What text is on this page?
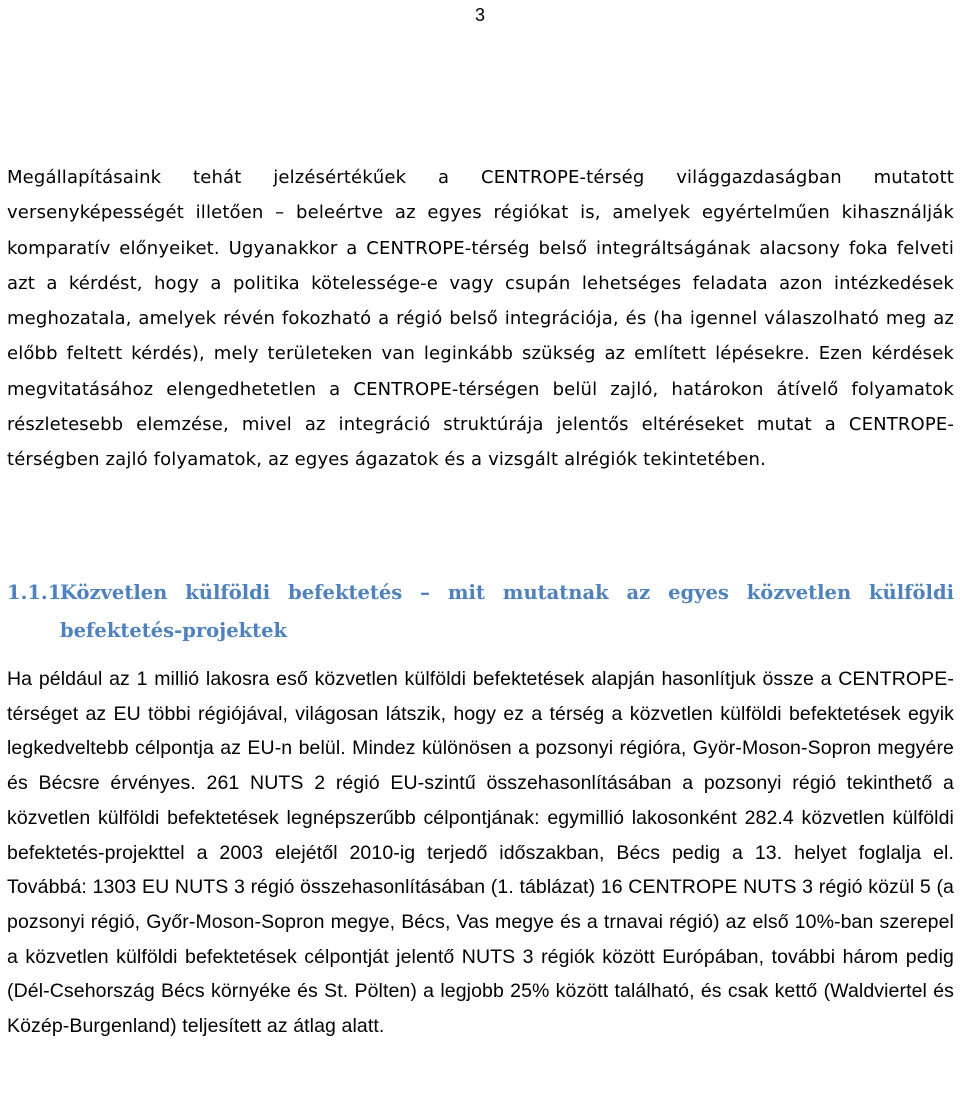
3

Megállapításaink tehát jelzésértékűek a CENTROPE-térség világgazdaságban mutatott versenyképességét illetően – beleértve az egyes régiókat is, amelyek egyértelműen kihasználják komparatív előnyeiket. Ugyanakkor a CENTROPE-térség belső integráltságának alacsony foka felveti azt a kérdést, hogy a politika kötelessége-e vagy csupán lehetséges feladata azon intézkedések meghozatala, amelyek révén fokozható a régió belső integrációja, és (ha igennel válaszolható meg az előbb feltett kérdés), mely területeken van leginkább szükség az említett lépésekre. Ezen kérdések megvitatásához elengedhetetlen a CENTROPE-térségen belül zajló, határokon átívelő folyamatok részletesebb elemzése, mivel az integráció struktúrája jelentős eltéréseket mutat a CENTROPE-térségben zajló folyamatok, az egyes ágazatok és a vizsgált alrégiók tekintetében.

1.1.1.
Közvetlen külföldi befektetés – mit mutatnak az egyes közvetlen külföldi befektetés-projektek

Ha például az 1 millió lakosra eső közvetlen külföldi befektetések alapján hasonlítjuk össze a CENTROPE-térséget az EU többi régiójával, világosan látszik, hogy ez a térség a közvetlen külföldi befektetések egyik legkedveltebb célpontja az EU-n belül. Mindez különösen a pozsonyi régióra, Györ-Moson-Sopron megyére és Bécsre érvényes. 261 NUTS 2 régió EU-szintű összehasonlításában a pozsonyi régió tekinthető a közvetlen külföldi befektetések legnépszerűbb célpontjának: egymillió lakosonként 282.4 közvetlen külföldi befektetés-projekttel a 2003 elejétől 2010-ig terjedő időszakban, Bécs pedig a 13. helyet foglalja el. Továbbá: 1303 EU NUTS 3 régió összehasonlításában (1. táblázat) 16 CENTROPE NUTS 3 régió közül 5 (a pozsonyi régió, Győr-Moson-Sopron megye, Bécs, Vas megye és a trnavai régió) az első 10%-ban szerepel a közvetlen külföldi befektetések célpontját jelentő NUTS 3 régiók között Európában, további három pedig (Dél-Csehország Bécs környéke és St. Pölten) a legjobb 25% között található, és csak kettő (Waldviertel és Közép-Burgenland) teljesített az átlag alatt.
